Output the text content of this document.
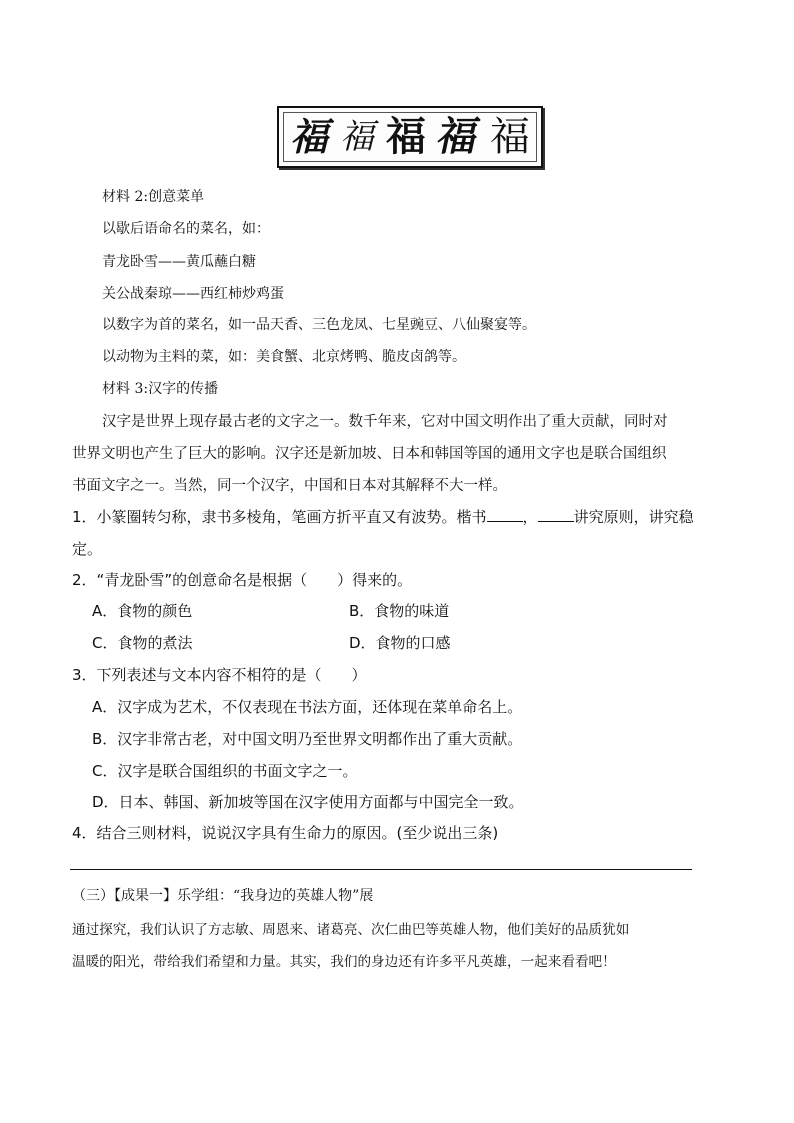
福 福 福 福 福
材料 2:创意菜单
以歇后语命名的菜名，如：
青龙卧雪——黄瓜蘸白糖
关公战秦琼——西红柿炒鸡蛋
以数字为首的菜名，如一品天香、三色龙凤、七星豌豆、八仙聚宴等。
以动物为主料的菜，如：美食蟹、北京烤鸭、脆皮卤鸽等。
材料 3:汉字的传播
汉字是世界上现存最古老的文字之一。数千年来，它对中国文明作出了重大贡献，同时对
世界文明也产生了巨大的影响。汉字还是新加坡、日本和韩国等国的通用文字也是联合国组织
书面文字之一。当然，同一个汉字，中国和日本对其解释不大一样。
1．小篆圈转匀称，隶书多棱角，笔画方折平直又有波势。楷书 ， 讲究原则，讲究稳
定。
2．“青龙卧雪”的创意命名是根据（　　）得来的。
A．食物的颜色	B．食物的味道
C．食物的煮法	D．食物的口感
3．下列表述与文本内容不相符的是（　　）
A．汉字成为艺术，不仅表现在书法方面，还体现在菜单命名上。
B．汉字非常古老，对中国文明乃至世界文明都作出了重大贡献。
C．汉字是联合国组织的书面文字之一。
D．日本、韩国、新加坡等国在汉字使用方面都与中国完全一致。
4．结合三则材料，说说汉字具有生命力的原因。(至少说出三条)
（三）【成果一】乐学组：“我身边的英雄人物”展
通过探究，我们认识了方志敏、周恩来、诸葛亮、次仁曲巴等英雄人物，他们美好的品质犹如
温暖的阳光，带给我们希望和力量。其实，我们的身边还有许多平凡英雄，一起来看看吧！
